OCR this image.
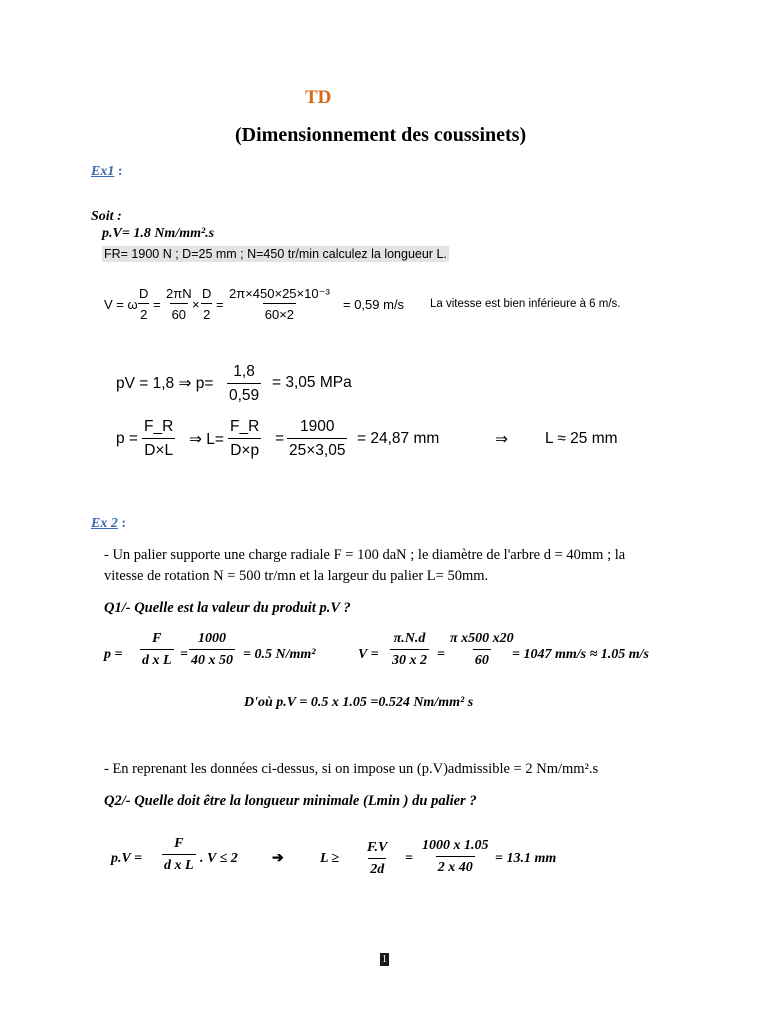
TD
(Dimensionnement des coussinets)
Ex1 :
Soit :
p.V= 1.8 Nm/mm².s
FR= 1900 N ; D=25 mm ; N=450 tr/min calculez la longueur L.
V = ω $\frac{D}{2} = \frac{2\pi N}{60}$
× $\frac{D}{2} = \frac{\text{2π×450×25×10⁻³}}{60\times 2} = 0,59$ m/s La vitesse est bien inférieure à 6 m/s.
pV = 1,8 ⇒ $p= \frac{1,8}{0,59} = 3,05$ MPa
$p = \frac{F\_R}{D\times L}$ ⇒ $L= \frac{F\_R}{D\times p} = \frac{1900}{25\times 3,05} = 24,87$ mm	⇒ L ≈ 25 mm
Ex 2 :
- Un palier supporte une charge radiale F = 100 daN ; le diamètre de l'arbre d = 40mm ; la
vitesse de rotation N = 500 tr/mn et la largeur du palier L= 50mm.
Q1/- Quelle est la valeur du produit p.V ?
$p = \frac{F}{\text{d x L}} = \frac{1000}{40 x 50} = 0.5$ N/mm²	$V = \frac{\pi.N.d}{30 x 2} = \frac{\text{π x500 x20}}{60}$
= 1047 mm/s ≈ 1.05 m/s
D'où p.V = 0.5 x 1.05 =0.524 Nm/mm² s
- En reprenant les données ci-dessus, si on impose un (p.V)admissible = 2 Nm/mm².s
Q2/- Quelle doit être la longueur minimale (Lmin ) du palier ?
$p.V = \frac{F}{\text{d x L}}$ . V ≤ 2 ➔	$L \ge \frac{F.V}{2d} = \frac{1000 x 1.05}{2 x 40} = 13.1$ mm
1
